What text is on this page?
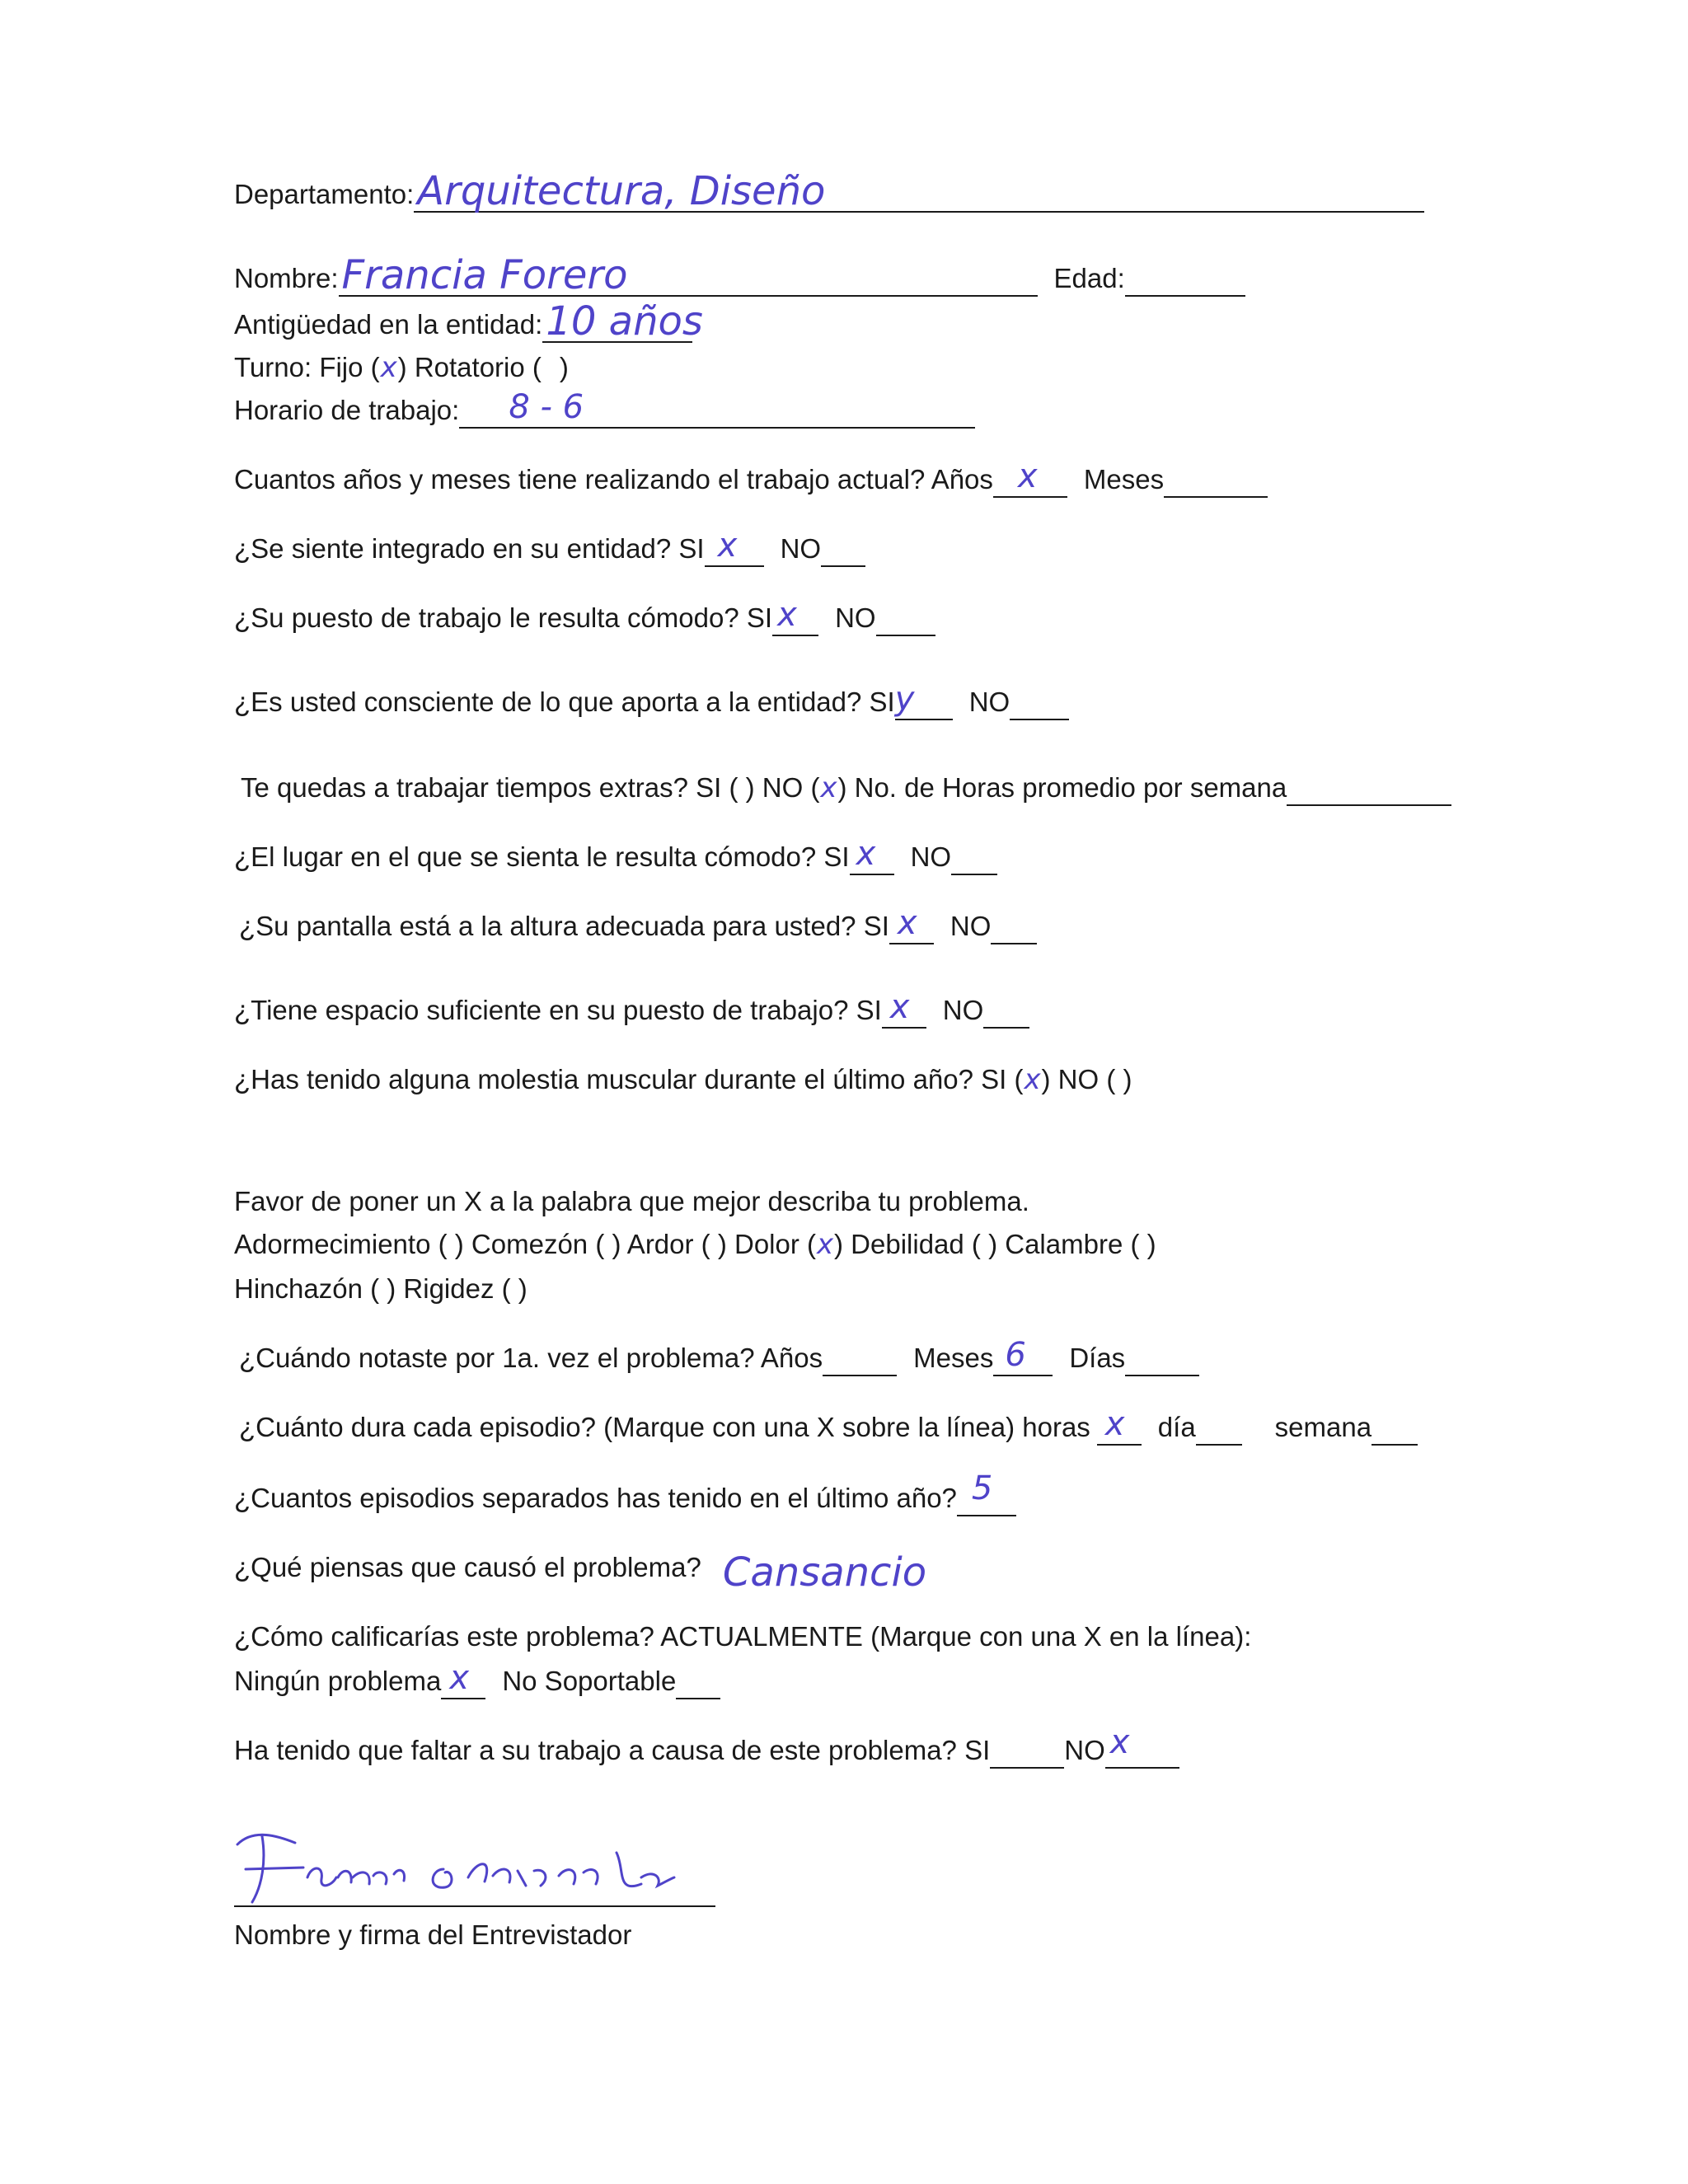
Departamento: Arquitectura, Diseño
Nombre: Francia Forero	Edad:
Antigüedad en la entidad: 10 años
Turno: Fijo (x) Rotatorio ( )
Horario de trabajo: 8 - 6
Cuantos años y meses tiene realizando el trabajo actual? Años x Meses
¿Se siente integrado en su entidad? SI x NO
¿Su puesto de trabajo le resulta cómodo? SI x NO
¿Es usted consciente de lo que aporta a la entidad? SI y NO
Te quedas a trabajar tiempos extras? SI ( ) NO (x) No. de Horas promedio por semana
¿El lugar en el que se sienta le resulta cómodo? SI x NO
¿Su pantalla está a la altura adecuada para usted? SI x NO
¿Tiene espacio suficiente en su puesto de trabajo? SI x NO
¿Has tenido alguna molestia muscular durante el último año? SI (x) NO ( )
Favor de poner un X a la palabra que mejor describa tu problema.
Adormecimiento ( ) Comezón ( ) Ardor ( ) Dolor (x) Debilidad ( ) Calambre ( )
Hinchazón ( ) Rigidez ( )
¿Cuándo notaste por 1a. vez el problema? Años	Meses 6 Días
¿Cuánto dura cada episodio? (Marque con una X sobre la línea) horas x día	semana
¿Cuantos episodios separados has tenido en el último año? 5
¿Qué piensas que causó el problema? Cansancio
¿Cómo calificarías este problema? ACTUALMENTE (Marque con una X en la línea):
Ningún problema x No Soportable
Ha tenido que faltar a su trabajo a causa de este problema? SI	NO x
Nombre y firma del Entrevistador
